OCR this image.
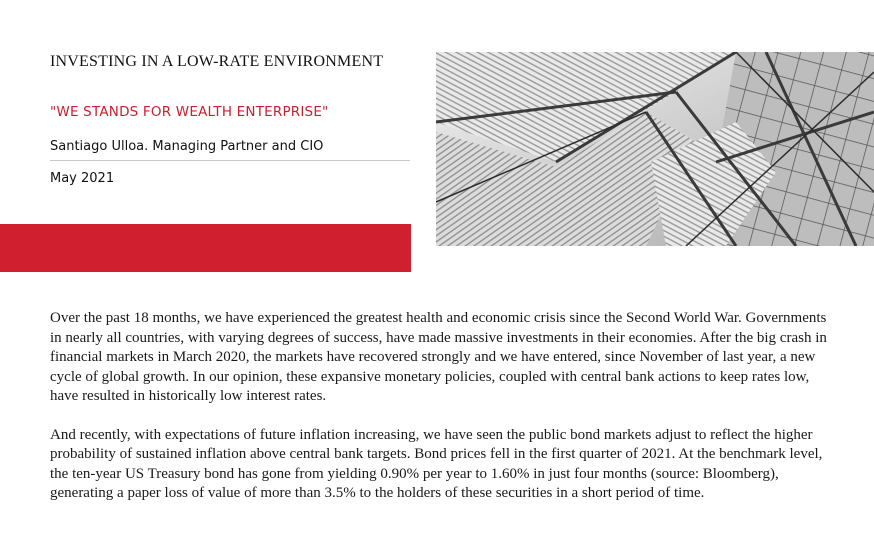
INVESTING IN A LOW-RATE ENVIRONMENT
"WE STANDS FOR WEALTH ENTERPRISE"
Santiago Ulloa. Managing Partner and CIO
May 2021

Over the past 18 months, we have experienced the greatest health and economic crisis since the Second World War. Governments in nearly all countries, with varying degrees of success, have made massive investments in their economies. After the big crash in financial markets in March 2020, the markets have recovered strongly and we have entered, since November of last year, a new cycle of global growth. In our opinion, these expansive monetary policies, coupled with central bank actions to keep rates low, have resulted in historically low interest rates.

And recently, with expectations of future inflation increasing, we have seen the public bond markets adjust to reflect the higher probability of sustained inflation above central bank targets. Bond prices fell in the first quarter of 2021. At the benchmark level, the ten-year US Treasury bond has gone from yielding 0.90% per year to 1.60% in just four months (source: Bloomberg), generating a paper loss of value of more than 3.5% to the holders of these securities in a short period of time.
